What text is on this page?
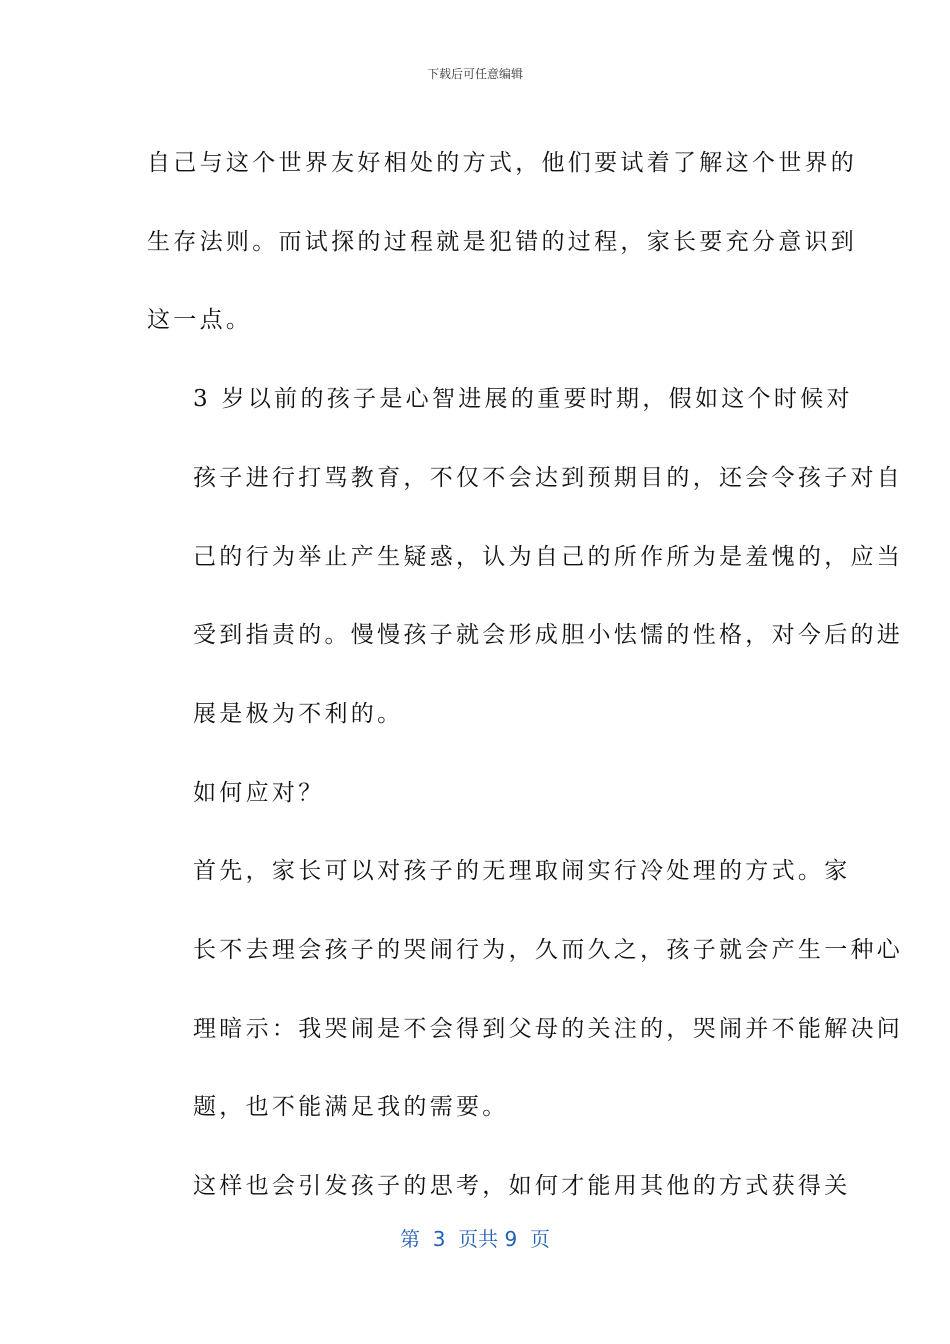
下载后可任意编辑
自己与这个世界友好相处的方式，他们要试着了解这个世界的
生存法则。而试探的过程就是犯错的过程，家长要充分意识到
这一点。
3 岁以前的孩子是心智进展的重要时期，假如这个时候对
孩子进行打骂教育，不仅不会达到预期目的，还会令孩子对自
己的行为举止产生疑惑，认为自己的所作所为是羞愧的，应当
受到指责的。慢慢孩子就会形成胆小怯懦的性格，对今后的进
展是极为不利的。
如何应对？
首先，家长可以对孩子的无理取闹实行冷处理的方式。家
长不去理会孩子的哭闹行为，久而久之，孩子就会产生一种心
理暗示：我哭闹是不会得到父母的关注的，哭闹并不能解决问
题，也不能满足我的需要。
这样也会引发孩子的思考，如何才能用其他的方式获得关
第  3  页共 9  页
